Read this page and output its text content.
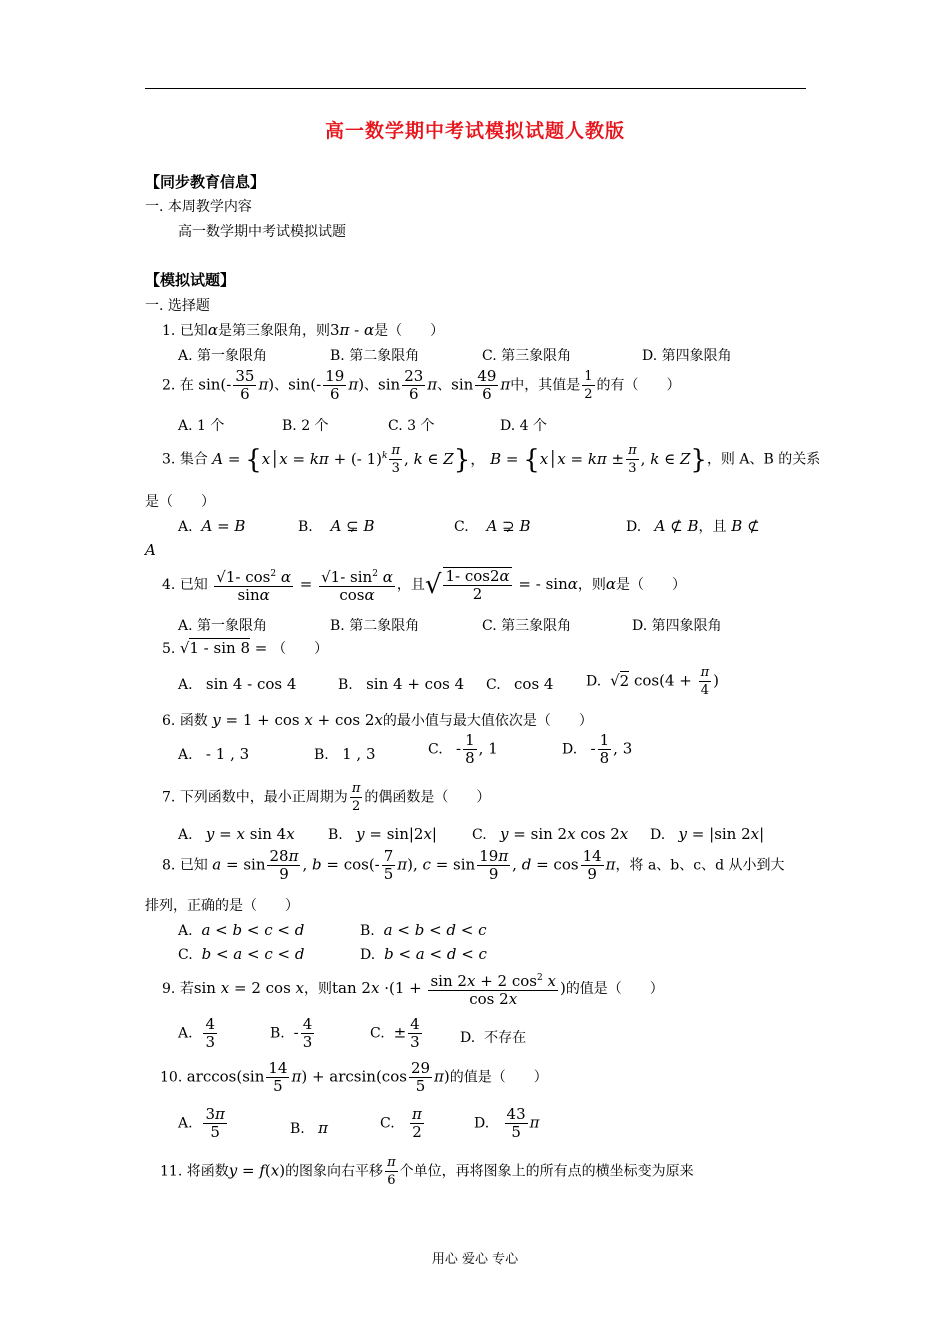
高一数学期中考试模拟试题人教版
【同步教育信息】
一. 本周教学内容
高一数学期中考试模拟试题
【模拟试题】
一. 选择题
1. 已知α是第三象限角，则3π - α是（　　）
A. 第一象限角	B. 第二象限角	C. 第三象限角	D. 第四象限角
2. 在 $\sin(- \frac{35}{6} \pi)$、$\sin(- \frac{19}{6} \pi)$、$\sin \frac{23}{6}$ π、$\sin \frac{49}{6}$ π中，其值是 $\frac{1}{2}$ 的有（　　）
A. 1 个	B. 2 个	C. 3 个	D. 4 个
3. 集合 A = {x│x = kπ + (- $1)^k \frac{\pi}{3}$ , k ∈ Z}， B = {x│x = $k\pi \pm \frac{\pi}{3}$ , k ∈ Z}，则 A、B 的关系
是（　　）
A. A = B	B. A ⊊ B	C. A ⊋ B	D. A ⊄ B，且 B ⊄
A
4. 已知 $\frac{√1- \cos^2 \alpha}{\sin\alpha} = \frac{√1- \sin^2 \alpha}{\cos\alpha}$ ，且√ $\frac{1- \cos 2\alpha}{2}$ = - sinα，则α是（　　）
A. 第一象限角	B. 第二象限角	C. 第三象限角	D. 第四象限角
5. √1 - sin 8 = （　　）
A. sin 4 - cos 4	B. sin 4 + cos 4 C. cos 4 D. √2 $\cos(4 + \frac{\pi}{4}$ )
6. 函数 y = 1 + cos x + cos 2x的最小值与最大值依次是（　　）
A. - 1 , 3	B. 1 , 3	C. - $\frac{1}{8}$ , 1	D. - $\frac{1}{8}$ , 3
7. 下列函数中，最小正周期为 $\frac{\pi}{2}$ 的偶函数是（　　）
A. y = x sin 4x B. y = sin|2x|	C. y = sin 2x cos 2x D. y = |sin 2x|
8. 已知 $a = \sin \frac{28\pi}{9}$ , $b = \cos(- \frac{7}{5} \pi)$, $c = \sin \frac{19\pi}{9}$ , $d = \cos \frac{14}{9}$ π，将 a、b、c、d 从小到大
排列，正确的是（　　）
A. a < b < c < d	B. a < b < d < c
C. b < a < c < d	D. b < a < d < c
9. 若sin x = 2 cos x，则$\tan 2x \cdot(1 + \frac{\sin 2x + 2 \cos^2 x}{\cos 2x}$ )的值是（　　）
A. $\frac{4}{3}$	B. - $\frac{4}{3}$	C. ± $\frac{4}{3}$	D. 不存在
10. $\arccos(\sin \frac{14}{5} \pi) + \arcsin(\cos \frac{29}{5} \pi)$的值是（　　）
A. $\frac{3\pi}{5}$	B. π	C. $\frac{\pi}{2}$	D. $\frac{43}{5}$ π
11. 将函数y = f(x)的图象向右平移 $\frac{\pi}{6}$ 个单位，再将图象上的所有点的横坐标变为原来
用心 爱心 专心
